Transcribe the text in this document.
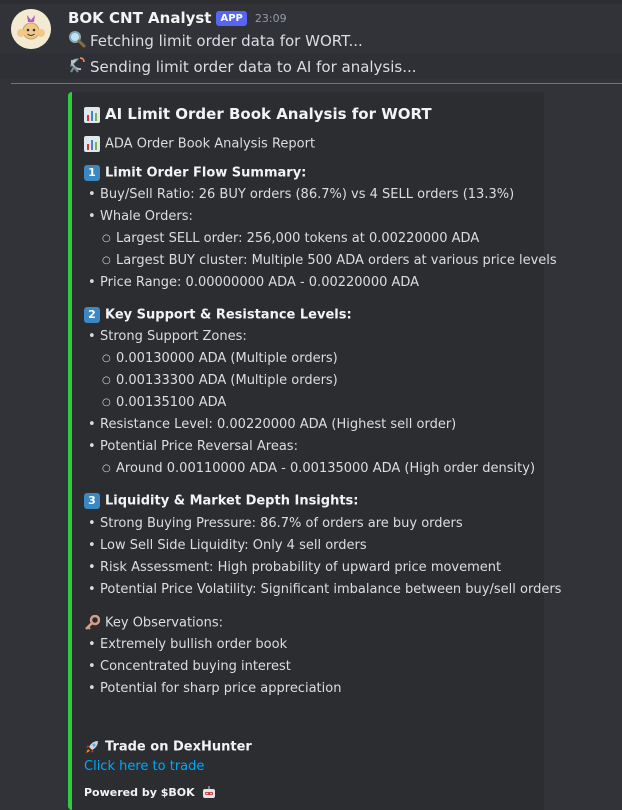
BOK CNT Analyst APP	23:09
Fetching limit order data for WORT...
Sending limit order data to AI for analysis...
AI Limit Order Book Analysis for WORT
ADA Order Book Analysis Report
1 Limit Order Flow Summary:
• Buy/Sell Ratio: 26 BUY orders (86.7%) vs 4 SELL orders (13.3%)
• Whale Orders:
○ Largest SELL order: 256,000 tokens at 0.00220000 ADA
○ Largest BUY cluster: Multiple 500 ADA orders at various price levels
• Price Range: 0.00000000 ADA - 0.00220000 ADA
2 Key Support & Resistance Levels:
• Strong Support Zones:
○ 0.00130000 ADA (Multiple orders)
○ 0.00133300 ADA (Multiple orders)
○ 0.00135100 ADA
• Resistance Level: 0.00220000 ADA (Highest sell order)
• Potential Price Reversal Areas:
○ Around 0.00110000 ADA - 0.00135000 ADA (High order density)
3 Liquidity & Market Depth Insights:
• Strong Buying Pressure: 86.7% of orders are buy orders
• Low Sell Side Liquidity: Only 4 sell orders
• Risk Assessment: High probability of upward price movement
• Potential Price Volatility: Significant imbalance between buy/sell orders
Key Observations:
• Extremely bullish order book
• Concentrated buying interest
• Potential for sharp price appreciation
Trade on DexHunter
Click here to trade
Powered by $BOK
